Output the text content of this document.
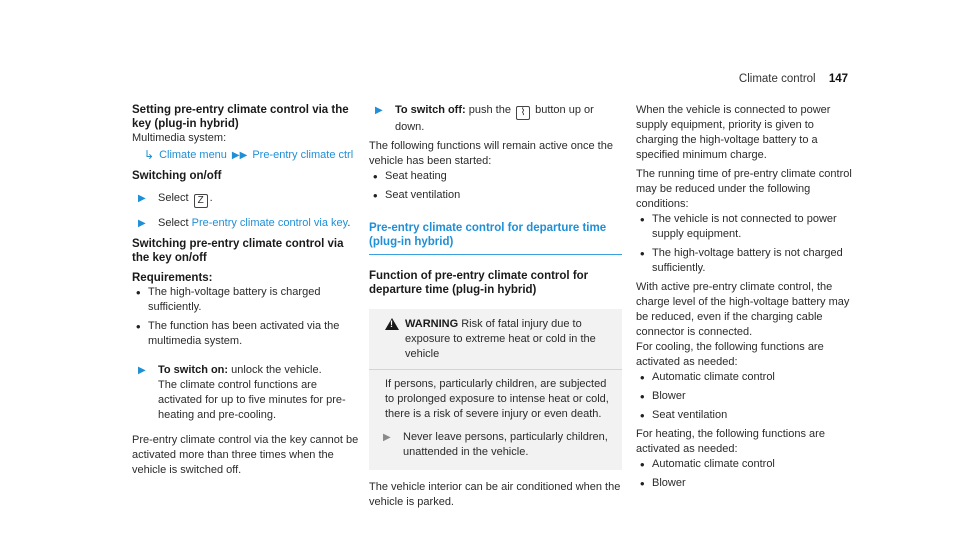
Climate control 147
Setting pre-entry climate control via the key (plug-in hybrid)

Multimedia system:

↳ Climate menu ▶▶ Pre-entry climate ctrl
Switching on/off
▶	Select Z .
▶	Select Pre-entry climate control via key.
Switching pre-entry climate control via the key on/off

Requirements:

• The high-voltage battery is charged sufficiently.
• The function has been activated via the multimedia system.
▶	To switch on: unlock the vehicle.

The climate control functions are activated for up to five minutes for pre-heating and pre-cooling.

Pre-entry climate control via the key cannot be activated more than three times when the vehicle is switched off.

▶	To switch off: push the ⌇ button up or down.

The following functions will remain active once the vehicle has been started:

• Seat heating
• Seat ventilation
Pre-entry climate control for departure time (plug-in hybrid)
Function of pre-entry climate control for departure time (plug-in hybrid)
!
WARNING Risk of fatal injury due to exposure to extreme heat or cold in the vehicle

If persons, particularly children, are subjected to prolonged exposure to intense heat or cold, there is a risk of severe injury or even death.

▶	Never leave persons, particularly children, unattended in the vehicle.

The vehicle interior can be air conditioned when the vehicle is parked.

When the vehicle is connected to power supply equipment, priority is given to charging the high-voltage battery to a specified minimum charge.

The running time of pre-entry climate control may be reduced under the following conditions:

• The vehicle is not connected to power supply equipment.
• The high-voltage battery is not charged sufficiently.

With active pre-entry climate control, the charge level of the high-voltage battery may be reduced, even if the charging cable connector is connected.

For cooling, the following functions are activated as needed:

• Automatic climate control
• Blower
• Seat ventilation

For heating, the following functions are activated as needed:

• Automatic climate control
• Blower
